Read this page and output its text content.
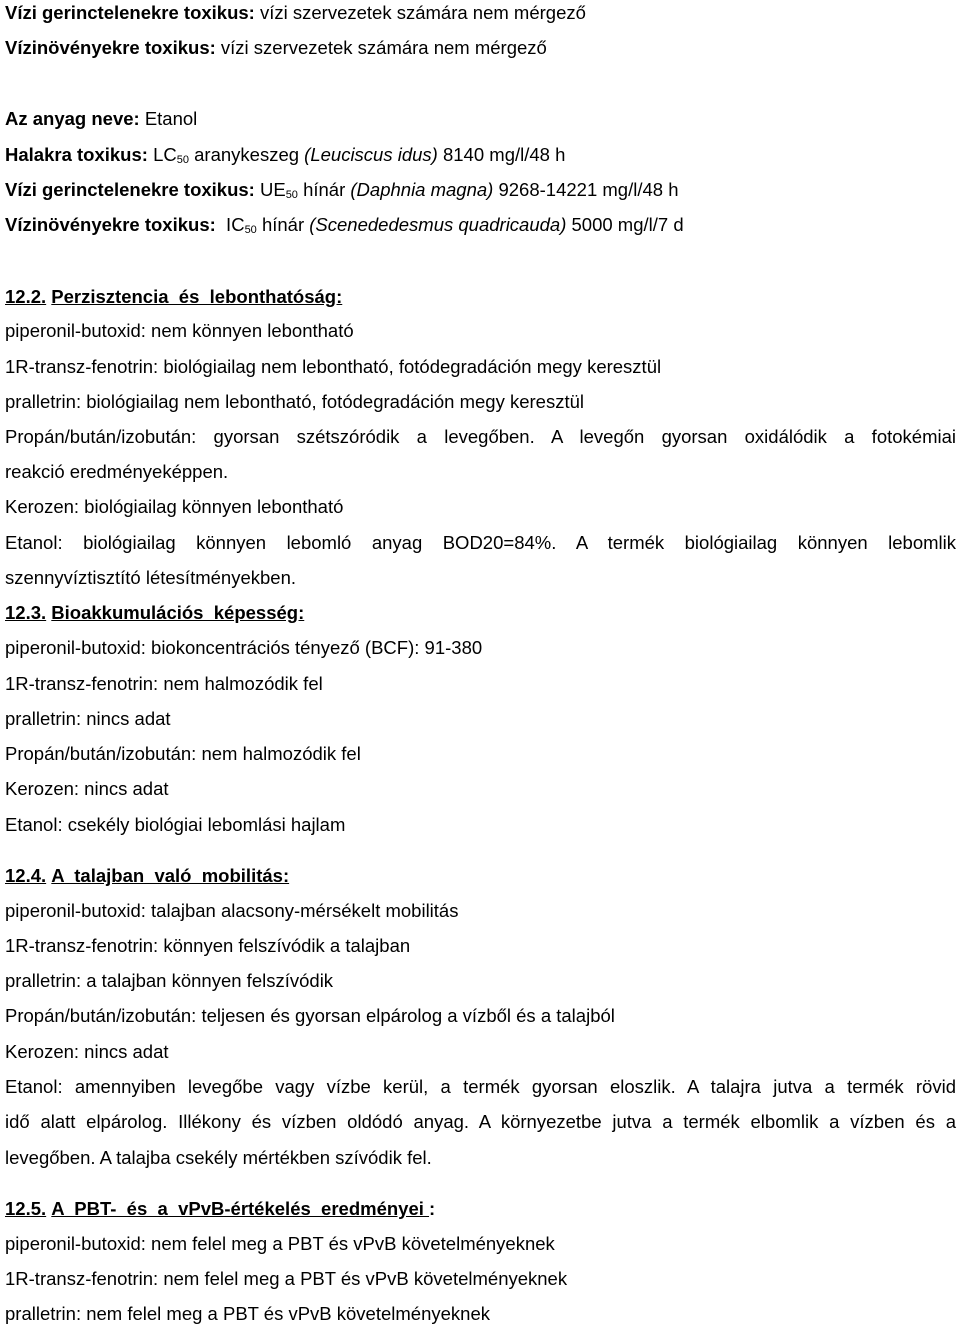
Vízi gerinctelenekre toxikus: vízi szervezetek számára nem mérgező
Vízinövényekre toxikus: vízi szervezetek számára nem mérgező
Az anyag neve: Etanol
Halakra toxikus: $LC_{50}$ aranykeszeg (Leuciscus idus) 8140 mg/l/48 h
Vízi gerinctelenekre toxikus: $UE_{50}$ hínár (Daphnia magna) 9268-14221 mg/l/48 h
Vízinövényekre toxikus:  $IC_{50}$ hínár (Scenededesmus quadricauda) 5000 mg/l/7 d
12.2. Perzisztencia  és  lebonthatóság:
piperonil-butoxid: nem könnyen lebontható
1R-transz-fenotrin: biológiailag nem lebontható, fotódegradáción megy keresztül
pralletrin: biológiailag nem lebontható, fotódegradáción megy keresztül
Propán/bután/izobután: gyorsan szétszóródik a levegőben. A levegőn gyorsan oxidálódik a fotokémiai
reakció eredményeképpen.
Kerozen: biológiailag könnyen lebontható
Etanol: biológiailag könnyen lebomló anyag BOD20=84%. A termék biológiailag könnyen lebomlik
szennyvíztisztító létesítményekben.
12.3. Bioakkumulációs  képesség:
piperonil-butoxid: biokoncentrációs tényező (BCF): 91-380
1R-transz-fenotrin: nem halmozódik fel
pralletrin: nincs adat
Propán/bután/izobután: nem halmozódik fel
Kerozen: nincs adat
Etanol: csekély biológiai lebomlási hajlam
12.4. A  talajban  való  mobilitás:
piperonil-butoxid: talajban alacsony-mérsékelt mobilitás
1R-transz-fenotrin: könnyen felszívódik a talajban
pralletrin: a talajban könnyen felszívódik
Propán/bután/izobután: teljesen és gyorsan elpárolog a vízből és a talajból
Kerozen: nincs adat
Etanol: amennyiben levegőbe vagy vízbe kerül, a termék gyorsan eloszlik. A talajra jutva a termék rövid
idő alatt elpárolog. Illékony és vízben oldódó anyag. A környezetbe jutva a termék elbomlik a vízben és a
levegőben. A talajba csekély mértékben szívódik fel.
12.5. A  PBT-  és  a  vPvB-értékelés  eredményei :
piperonil-butoxid: nem felel meg a PBT és vPvB követelményeknek
1R-transz-fenotrin: nem felel meg a PBT és vPvB követelményeknek
pralletrin: nem felel meg a PBT és vPvB követelményeknek
